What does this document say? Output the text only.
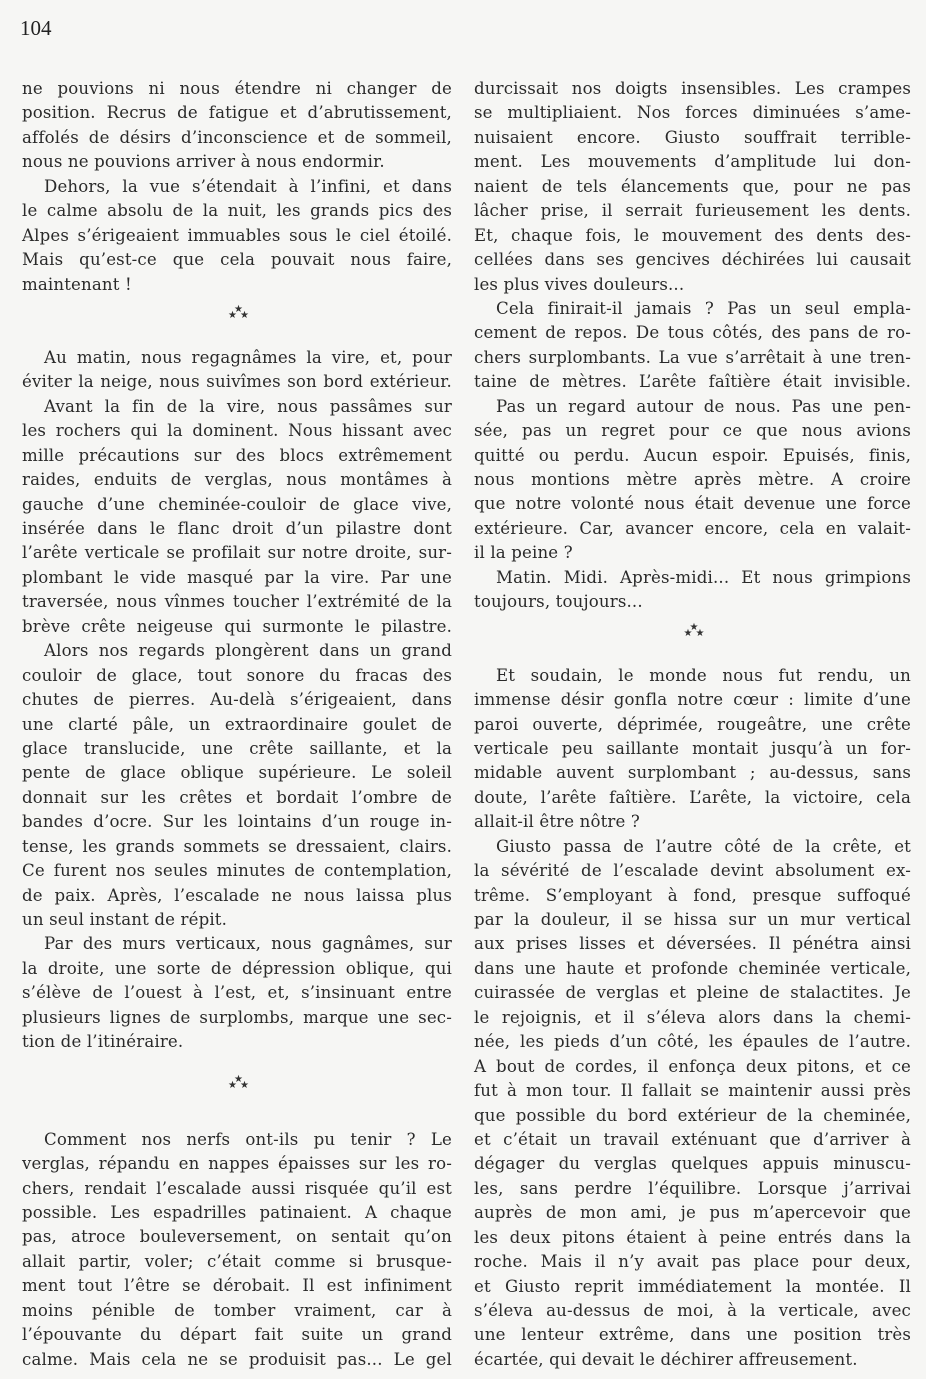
104
ne pouvions ni nous étendre ni changer de
position. Recrus de fatigue et d’abrutissement,
affolés de désirs d’inconscience et de sommeil,
nous ne pouvions arriver à nous endormir.
Dehors, la vue s’étendait à l’infini, et dans
le calme absolu de la nuit, les grands pics des
Alpes s’érigeaient immuables sous le ciel étoilé.
Mais qu’est-ce que cela pouvait nous faire,
maintenant !
★
★ ★
Au matin, nous regagnâmes la vire, et, pour
éviter la neige, nous suivîmes son bord extérieur.
Avant la fin de la vire, nous passâmes sur
les rochers qui la dominent. Nous hissant avec
mille précautions sur des blocs extrêmement
raides, enduits de verglas, nous montâmes à
gauche d’une cheminée-couloir de glace vive,
insérée dans le flanc droit d’un pilastre dont
l’arête verticale se profilait sur notre droite, sur-
plombant le vide masqué par la vire. Par une
traversée, nous vînmes toucher l’extrémité de la
brève crête neigeuse qui surmonte le pilastre.
Alors nos regards plongèrent dans un grand
couloir de glace, tout sonore du fracas des
chutes de pierres. Au-delà s’érigeaient, dans
une clarté pâle, un extraordinaire goulet de
glace translucide, une crête saillante, et la
pente de glace oblique supérieure. Le soleil
donnait sur les crêtes et bordait l’ombre de
bandes d’ocre. Sur les lointains d’un rouge in-
tense, les grands sommets se dressaient, clairs.
Ce furent nos seules minutes de contemplation,
de paix. Après, l’escalade ne nous laissa plus
un seul instant de répit.
Par des murs verticaux, nous gagnâmes, sur
la droite, une sorte de dépression oblique, qui
s’élève de l’ouest à l’est, et, s’insinuant entre
plusieurs lignes de surplombs, marque une sec-
tion de l’itinéraire.
★
★ ★
Comment nos nerfs ont-ils pu tenir ? Le
verglas, répandu en nappes épaisses sur les ro-
chers, rendait l’escalade aussi risquée qu’il est
possible. Les espadrilles patinaient. A chaque
pas, atroce bouleversement, on sentait qu’on
allait partir, voler; c’était comme si brusque-
ment tout l’être se dérobait. Il est infiniment
moins pénible de tomber vraiment, car à
l’épouvante du départ fait suite un grand
calme. Mais cela ne se produisit pas... Le gel
durcissait nos doigts insensibles. Les crampes
se multipliaient. Nos forces diminuées s’ame-
nuisaient encore. Giusto souffrait terrible-
ment. Les mouvements d’amplitude lui don-
naient de tels élancements que, pour ne pas
lâcher prise, il serrait furieusement les dents.
Et, chaque fois, le mouvement des dents des-
cellées dans ses gencives déchirées lui causait
les plus vives douleurs...
Cela finirait-il jamais ? Pas un seul empla-
cement de repos. De tous côtés, des pans de ro-
chers surplombants. La vue s’arrêtait à une tren-
taine de mètres. L’arête faîtière était invisible.
Pas un regard autour de nous. Pas une pen-
sée, pas un regret pour ce que nous avions
quitté ou perdu. Aucun espoir. Epuisés, finis,
nous montions mètre après mètre. A croire
que notre volonté nous était devenue une force
extérieure. Car, avancer encore, cela en valait-
il la peine ?
Matin. Midi. Après-midi... Et nous grimpions
toujours, toujours...
★
★ ★
Et soudain, le monde nous fut rendu, un
immense désir gonfla notre cœur : limite d’une
paroi ouverte, déprimée, rougeâtre, une crête
verticale peu saillante montait jusqu’à un for-
midable auvent surplombant ; au-dessus, sans
doute, l’arête faîtière. L’arête, la victoire, cela
allait-il être nôtre ?
Giusto passa de l’autre côté de la crête, et
la sévérité de l’escalade devint absolument ex-
trême. S’employant à fond, presque suffoqué
par la douleur, il se hissa sur un mur vertical
aux prises lisses et déversées. Il pénétra ainsi
dans une haute et profonde cheminée verticale,
cuirassée de verglas et pleine de stalactites. Je
le rejoignis, et il s’éleva alors dans la chemi-
née, les pieds d’un côté, les épaules de l’autre.
A bout de cordes, il enfonça deux pitons, et ce
fut à mon tour. Il fallait se maintenir aussi près
que possible du bord extérieur de la cheminée,
et c’était un travail exténuant que d’arriver à
dégager du verglas quelques appuis minuscu-
les, sans perdre l’équilibre. Lorsque j’arrivai
auprès de mon ami, je pus m’apercevoir que
les deux pitons étaient à peine entrés dans la
roche. Mais il n’y avait pas place pour deux,
et Giusto reprit immédiatement la montée. Il
s’éleva au-dessus de moi, à la verticale, avec
une lenteur extrême, dans une position très
écartée, qui devait le déchirer affreusement.
